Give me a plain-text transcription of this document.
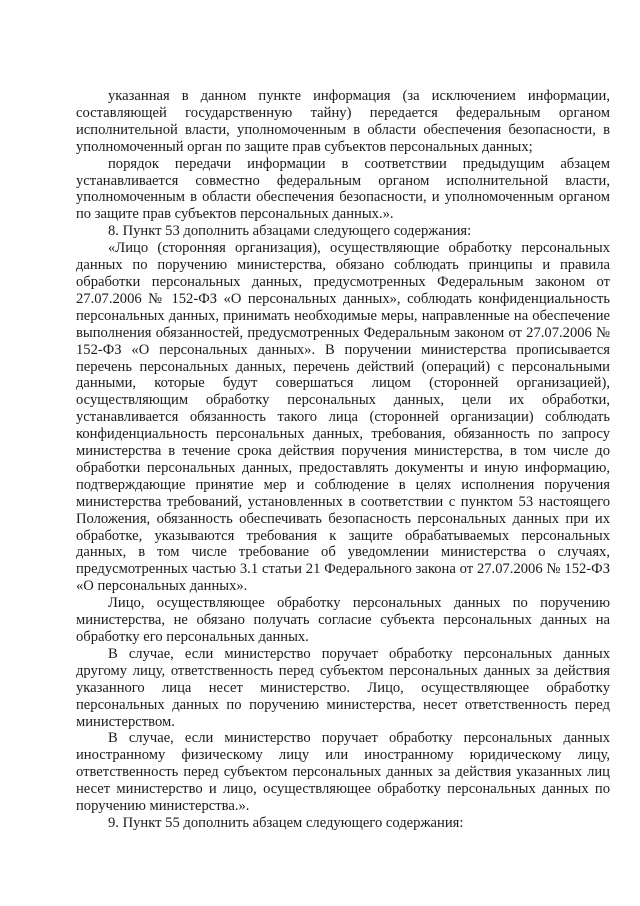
указанная в данном пункте информация (за исключением информации, составляющей государственную тайну) передается федеральным органом исполнительной власти, уполномоченным в области обеспечения безопасности, в уполномоченный орган по защите прав субъектов персональных данных;

порядок передачи информации в соответствии предыдущим абзацем устанавливается совместно федеральным органом исполнительной власти, уполномоченным в области обеспечения безопасности, и уполномоченным органом по защите прав субъектов персональных данных.».

8. Пункт 53 дополнить абзацами следующего содержания:

«Лицо (сторонняя организация), осуществляющие обработку персональных данных по поручению министерства, обязано соблюдать принципы и правила обработки персональных данных, предусмотренных Федеральным законом от 27.07.2006 № 152-ФЗ «О персональных данных», соблюдать конфиденциальность персональных данных, принимать необходимые меры, направленные на обеспечение выполнения обязанностей, предусмотренных Федеральным законом от 27.07.2006 № 152-ФЗ «О персональных данных». В поручении министерства прописывается перечень персональных данных, перечень действий (операций) с персональными данными, которые будут совершаться лицом (сторонней организацией), осуществляющим обработку персональных данных, цели их обработки, устанавливается обязанность такого лица (сторонней организации) соблюдать конфиденциальность персональных данных, требования, обязанность по запросу министерства в течение срока действия поручения министерства, в том числе до обработки персональных данных, предоставлять документы и иную информацию, подтверждающие принятие мер и соблюдение в целях исполнения поручения министерства требований, установленных в соответствии с пунктом 53 настоящего Положения, обязанность обеспечивать безопасность персональных данных при их обработке, указываются требования к защите обрабатываемых персональных данных, в том числе требование об уведомлении министерства о случаях, предусмотренных частью 3.1 статьи 21 Федерального закона от 27.07.2006 № 152-ФЗ «О персональных данных».

Лицо, осуществляющее обработку персональных данных по поручению министерства, не обязано получать согласие субъекта персональных данных на обработку его персональных данных.

В случае, если министерство поручает обработку персональных данных другому лицу, ответственность перед субъектом персональных данных за действия указанного лица несет министерство. Лицо, осуществляющее обработку персональных данных по поручению министерства, несет ответственность перед министерством.

В случае, если министерство поручает обработку персональных данных иностранному физическому лицу или иностранному юридическому лицу, ответственность перед субъектом персональных данных за действия указанных лиц несет министерство и лицо, осуществляющее обработку персональных данных по поручению министерства.».

9. Пункт 55 дополнить абзацем следующего содержания:
